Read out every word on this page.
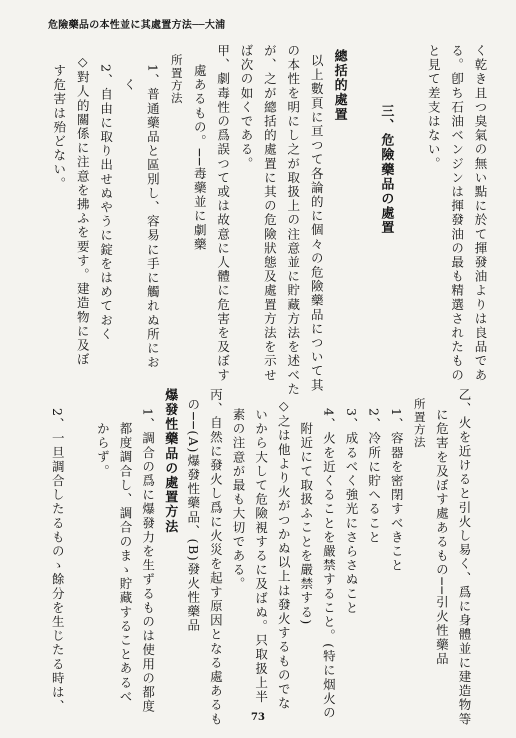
危險藥品の本性並に其處置方法──大浦
く乾き且つ臭氣の無い點に於て揮發油よりは良品であ
る。卽ち石油ベンジンは揮發油の最も精選されたもの
と見て差支はない。
三、危險藥品の處置
總括的處置
以上數頁に亘つて各論的に個々の危險藥品について其
の本性を明にし之が取扱上の注意並に貯藏方法を述べた
が、之が總括的處置に其の危險狀態及處置方法を示せ
ば次の如くである。
甲、劇毒性の爲誤つて或は故意に人體に危害を及ぼす
處あるもの。──毒藥並に劇藥
所置方法
1、普通藥品と區別し、容易に手に觸れぬ所にお
く
2、自由に取り出せぬやうに錠をはめておく
◇對人的關係に注意を拂ふを要す。建造物に及ぼ
す危害は殆どない。
乙、火を近けると引火し易く、爲に身體並に建造物等
に危害を及ぼす處あるもの──引火性藥品
所置方法
1、容器を密閉すべきこと
2、冷所に貯へること
3、成るべく強光にさらさぬこと
4、火を近くることを嚴禁すること。(特に烟火の
附近にて取扱ふことを嚴禁する)
◇之は他より火がつかぬ以上は發火するものでな
いから大して危險視するに及ばぬ。只取扱上半
素の注意が最も大切である。
丙、自然に發火し爲に火災を起す原因となる處あるも
の──(A)爆發性藥品、(B)發火性藥品
爆發性藥品の處置方法
1、調合の爲に爆發力を生ずるものは使用の都度
都度調合し、調合のまゝ貯藏することあるべ
からず。
2、一旦調合したるものゝ餘分を生じたる時は、
73
